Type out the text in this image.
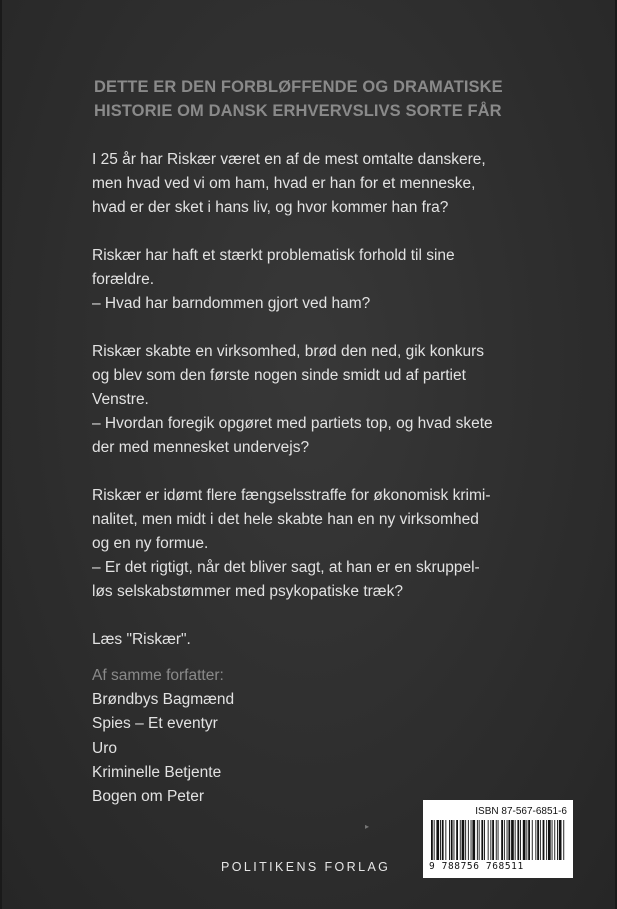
DETTE ER DEN FORBLØFFENDE OG DRAMATISKE
HISTORIE OM DANSK ERHVERVSLIVS SORTE FÅR

I 25 år har Riskær været en af de mest omtalte danskere,
men hvad ved vi om ham, hvad er han for et menneske,
hvad er der sket i hans liv, og hvor kommer han fra?

Riskær har haft et stærkt problematisk forhold til sine
forældre.
– Hvad har barndommen gjort ved ham?

Riskær skabte en virksomhed, brød den ned, gik konkurs
og blev som den første nogen sinde smidt ud af partiet
Venstre.
– Hvordan foregik opgøret med partiets top, og hvad skete
der med mennesket undervejs?

Riskær er idømt flere fængselsstraffe for økonomisk krimi-
nalitet, men midt i det hele skabte han en ny virksomhed
og en ny formue.
– Er det rigtigt, når det bliver sagt, at han er en skruppel-
løs selskabstømmer med psykopatiske træk?

Læs "Riskær".

Af samme forfatter:
Brøndbys Bagmænd
Spies – Et eventyr
Uro
Kriminelle Betjente
Bogen om Peter
▸
ISBN 87-567-6851-6
9 788756 768511
POLITIKENS FORLAG
